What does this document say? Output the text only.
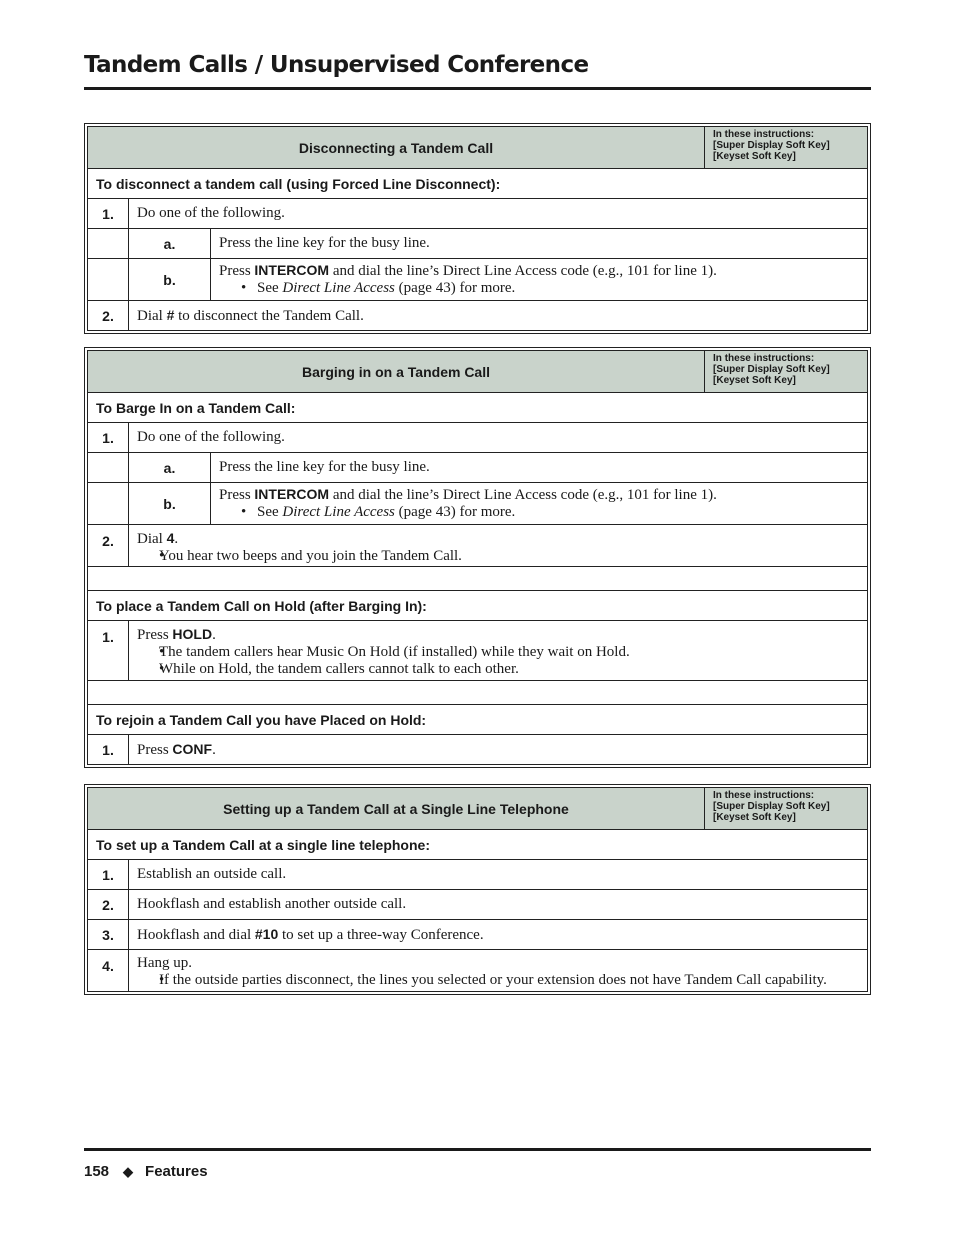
Tandem Calls / Unsupervised Conference
Disconnecting a Tandem Call			In these instructions:
[Super Display Soft Key]
[Keyset Soft Key]

To disconnect a tandem call (using Forced Line Disconnect):			
1.	Do one of the following.		
	a.	Press the line key for the busy line.	
	b.	Press INTERCOM and dial the line’s Direct Line Access code (e.g., 101 for line 1).
• See Direct Line Access (page 43) for more.

2.	Dial # to disconnect the Tandem Call.		
Barging in on a Tandem Call			In these instructions:
[Super Display Soft Key]
[Keyset Soft Key]

To Barge In on a Tandem Call:			
1.	Do one of the following.		
	a.	Press the line key for the busy line.	
	b.	Press INTERCOM and dial the line’s Direct Line Access code (e.g., 101 for line 1).
• See Direct Line Access (page 43) for more.

2.	Dial 4.
• You hear two beeps and you join the Tandem Call.

To place a Tandem Call on Hold (after Barging In):			
1.	Press HOLD.
• The tandem callers hear Music On Hold (if installed) while they wait on Hold.
• While on Hold, the tandem callers cannot talk to each other.

To rejoin a Tandem Call you have Placed on Hold:			
1.	Press CONF.		
Setting up a Tandem Call at a Single Line Telephone		In these instructions:
[Super Display Soft Key]
[Keyset Soft Key]

To set up a Tandem Call at a single line telephone:		
1.	Establish an outside call.	
2.	Hookflash and establish another outside call.	
3.	Hookflash and dial #10 to set up a three-way Conference.	
4.	Hang up.
• If the outside parties disconnect, the lines you selected or your extension does not have Tandem Call capability.
158 ◆ Features
